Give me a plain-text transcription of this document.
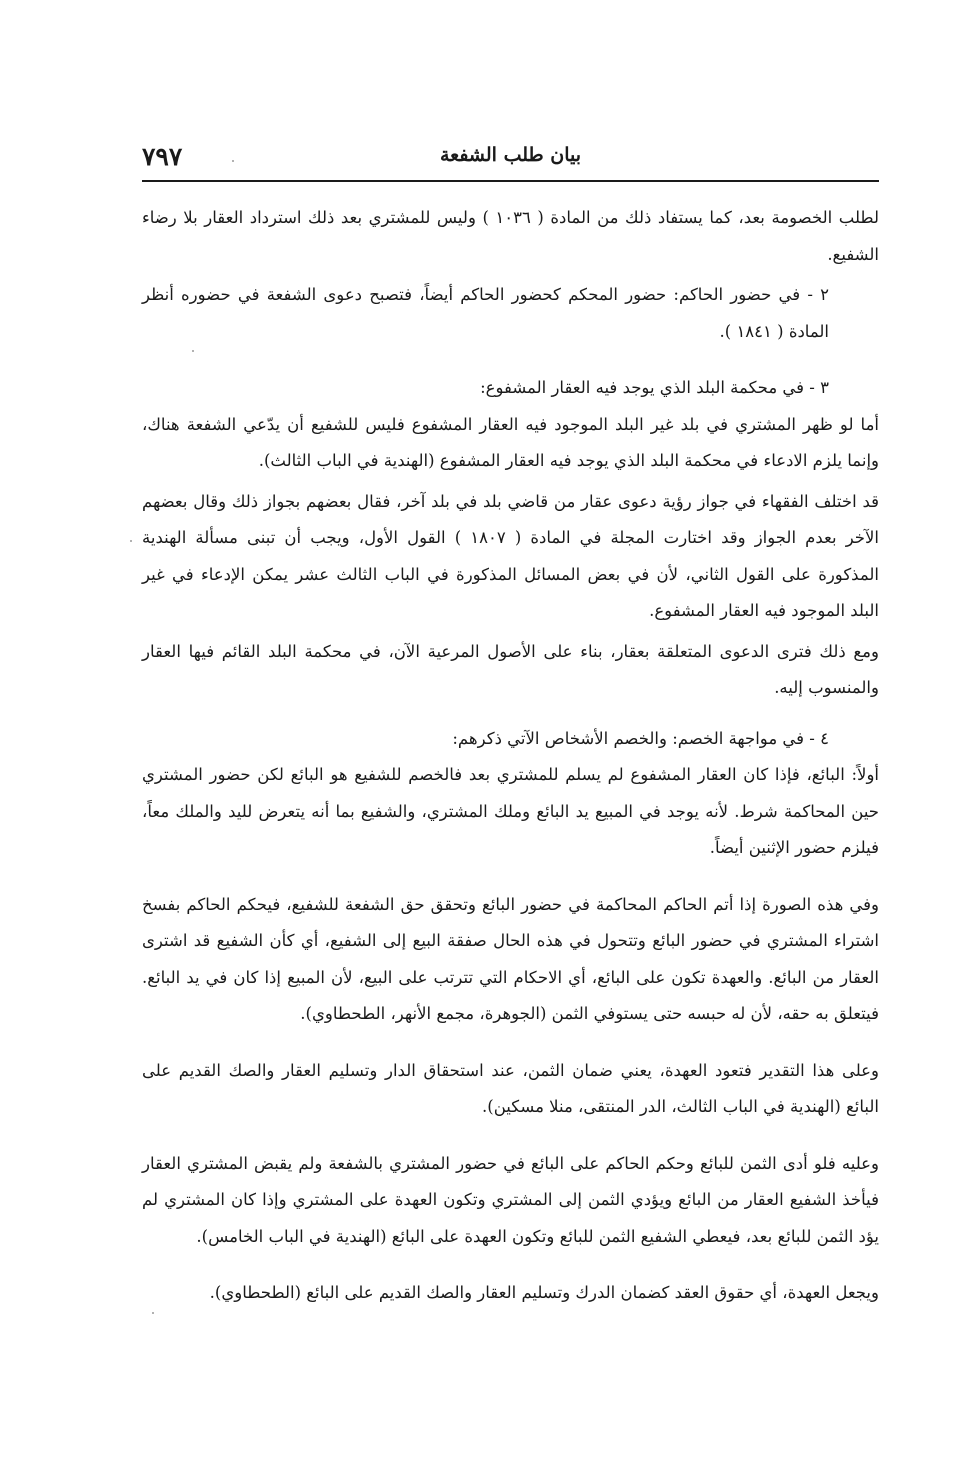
٧٩٧	بيان طلب الشفعة

لطلب الخصومة بعد، كما يستفاد ذلك من المادة ( ١٠٣٦ ) وليس للمشتري بعد ذلك استرداد العقار بلا رضاء الشفيع.

٢ - في حضور الحاكم: حضور المحكم كحضور الحاكم أيضاً، فتصبح دعوى الشفعة في حضوره أنظر المادة ( ١٨٤١ ).

٣ - في محكمة البلد الذي يوجد فيه العقار المشفوع:

أما لو ظهر المشتري في بلد غير البلد الموجود فيه العقار المشفوع فليس للشفيع أن يدّعي الشفعة هناك، وإنما يلزم الادعاء في محكمة البلد الذي يوجد فيه العقار المشفوع (الهندية في الباب الثالث).

قد اختلف الفقهاء في جواز رؤية دعوى عقار من قاضي بلد في بلد آخر، فقال بعضهم بجواز ذلك وقال بعضهم الآخر بعدم الجواز وقد اختارت المجلة في المادة ( ١٨٠٧ ) القول الأول، ويجب أن تبنى مسألة الهندية المذكورة على القول الثاني، لأن في بعض المسائل المذكورة في الباب الثالث عشر يمكن الإدعاء في غير البلد الموجود فيه العقار المشفوع.

ومع ذلك فترى الدعوى المتعلقة بعقار، بناء على الأصول المرعية الآن، في محكمة البلد القائم فيها العقار والمنسوب إليه.

٤ - في مواجهة الخصم: والخصم الأشخاص الآتي ذكرهم:

أولاً: البائع، فإذا كان العقار المشفوع لم يسلم للمشتري بعد فالخصم للشفيع هو البائع لكن حضور المشتري حين المحاكمة شرط. لأنه يوجد في المبيع يد البائع وملك المشتري، والشفيع بما أنه يتعرض لليد والملك معاً، فيلزم حضور الإثنين أيضاً.

وفي هذه الصورة إذا أتم الحاكم المحاكمة في حضور البائع وتحقق حق الشفعة للشفيع، فيحكم الحاكم بفسخ اشتراء المشتري في حضور البائع وتتحول في هذه الحال صفقة البيع إلى الشفيع، أي كأن الشفيع قد اشترى العقار من البائع. والعهدة تكون على البائع، أي الاحكام التي تترتب على البيع، لأن المبيع إذا كان في يد البائع. فيتعلق به حقه، لأن له حبسه حتى يستوفي الثمن (الجوهرة، مجمع الأنهر، الطحطاوي).

وعلى هذا التقدير فتعود العهدة، يعني ضمان الثمن، عند استحقاق الدار وتسليم العقار والصك القديم على البائع (الهندية في الباب الثالث، الدر المنتقى، منلا مسكين).

وعليه فلو أدى الثمن للبائع وحكم الحاكم على البائع في حضور المشتري بالشفعة ولم يقبض المشتري العقار فيأخذ الشفيع العقار من البائع ويؤدي الثمن إلى المشتري وتكون العهدة على المشتري وإذا كان المشتري لم يؤد الثمن للبائع بعد، فيعطي الشفيع الثمن للبائع وتكون العهدة على البائع (الهندية في الباب الخامس).

ويجعل العهدة، أي حقوق العقد كضمان الدرك وتسليم العقار والصك القديم على البائع (الطحطاوي).
